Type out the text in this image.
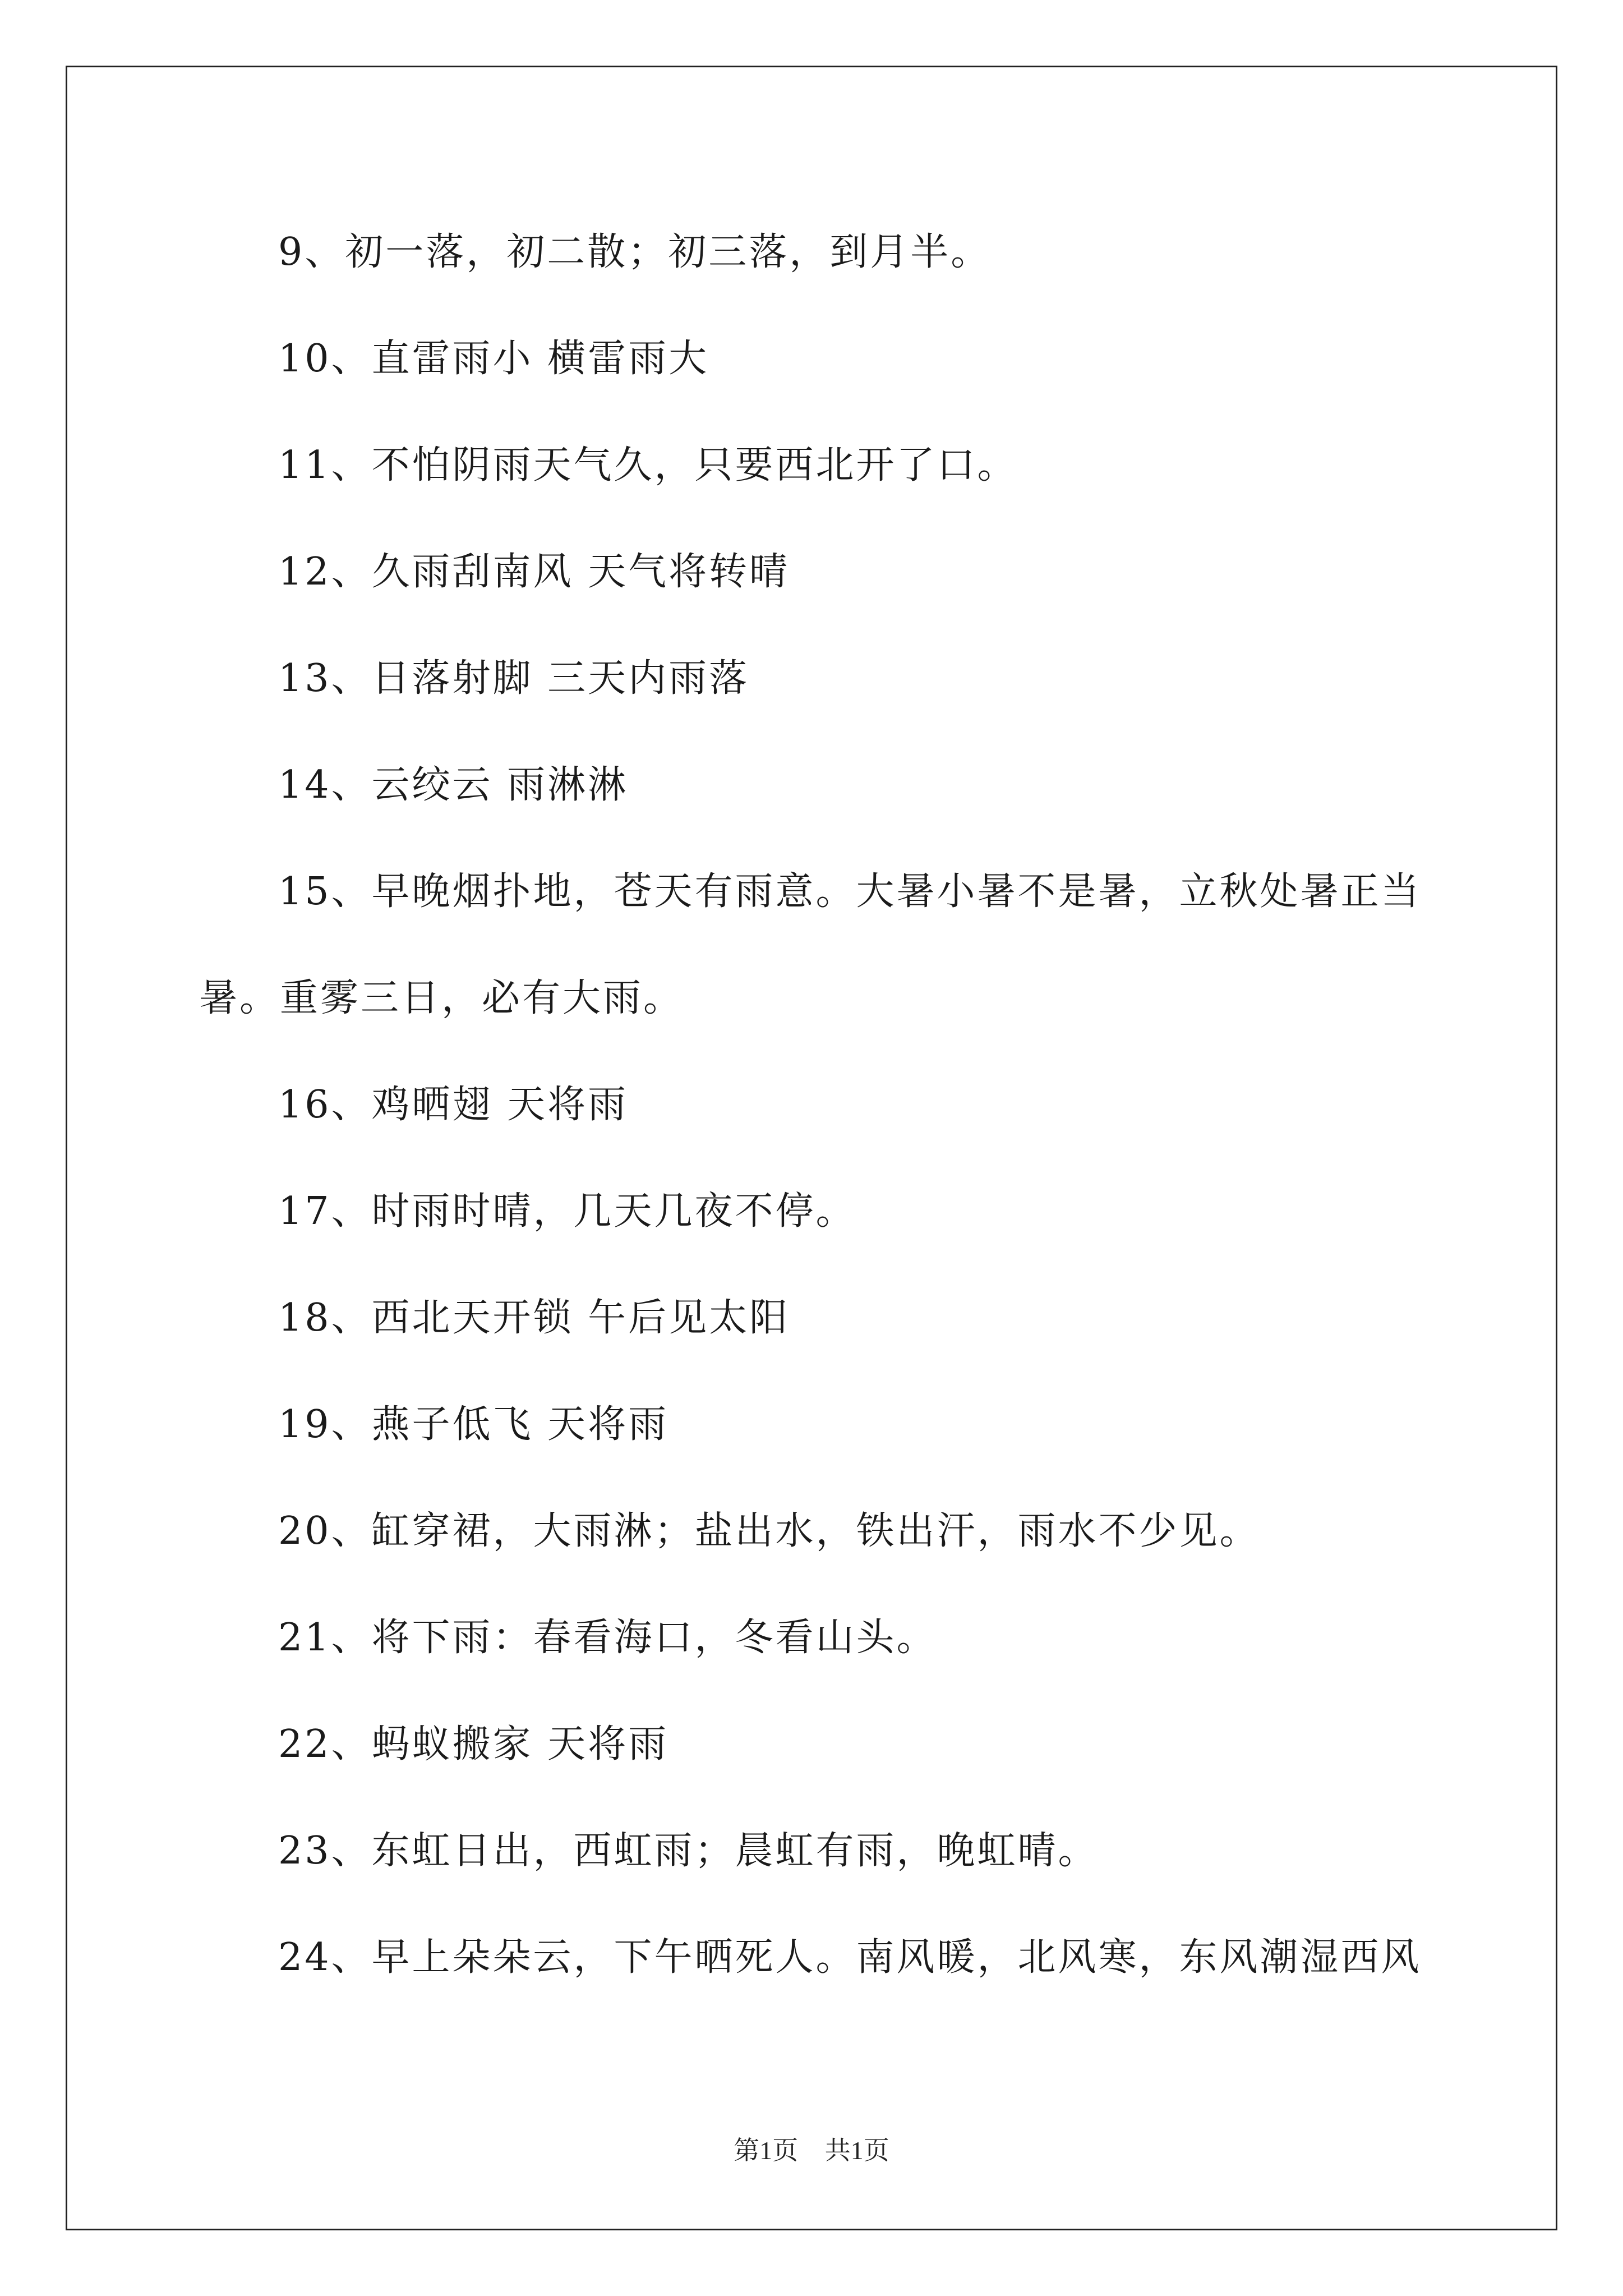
9、初一落，初二散；初三落，到月半。
10、直雷雨小 横雷雨大
11、不怕阴雨天气久，只要西北开了口。
12、久雨刮南风 天气将转晴
13、日落射脚 三天内雨落
14、云绞云 雨淋淋
15、早晚烟扑地，苍天有雨意。大暑小暑不是暑，立秋处暑正当
暑。重雾三日，必有大雨。
16、鸡晒翅 天将雨
17、时雨时晴，几天几夜不停。
18、西北天开锁 午后见太阳
19、燕子低飞 天将雨
20、缸穿裙，大雨淋；盐出水，铁出汗，雨水不少见。
21、将下雨：春看海口，冬看山头。
22、蚂蚁搬家 天将雨
23、东虹日出，西虹雨；晨虹有雨，晚虹晴。
24、早上朵朵云，下午晒死人。南风暖，北风寒，东风潮湿西风
第1页 共1页
